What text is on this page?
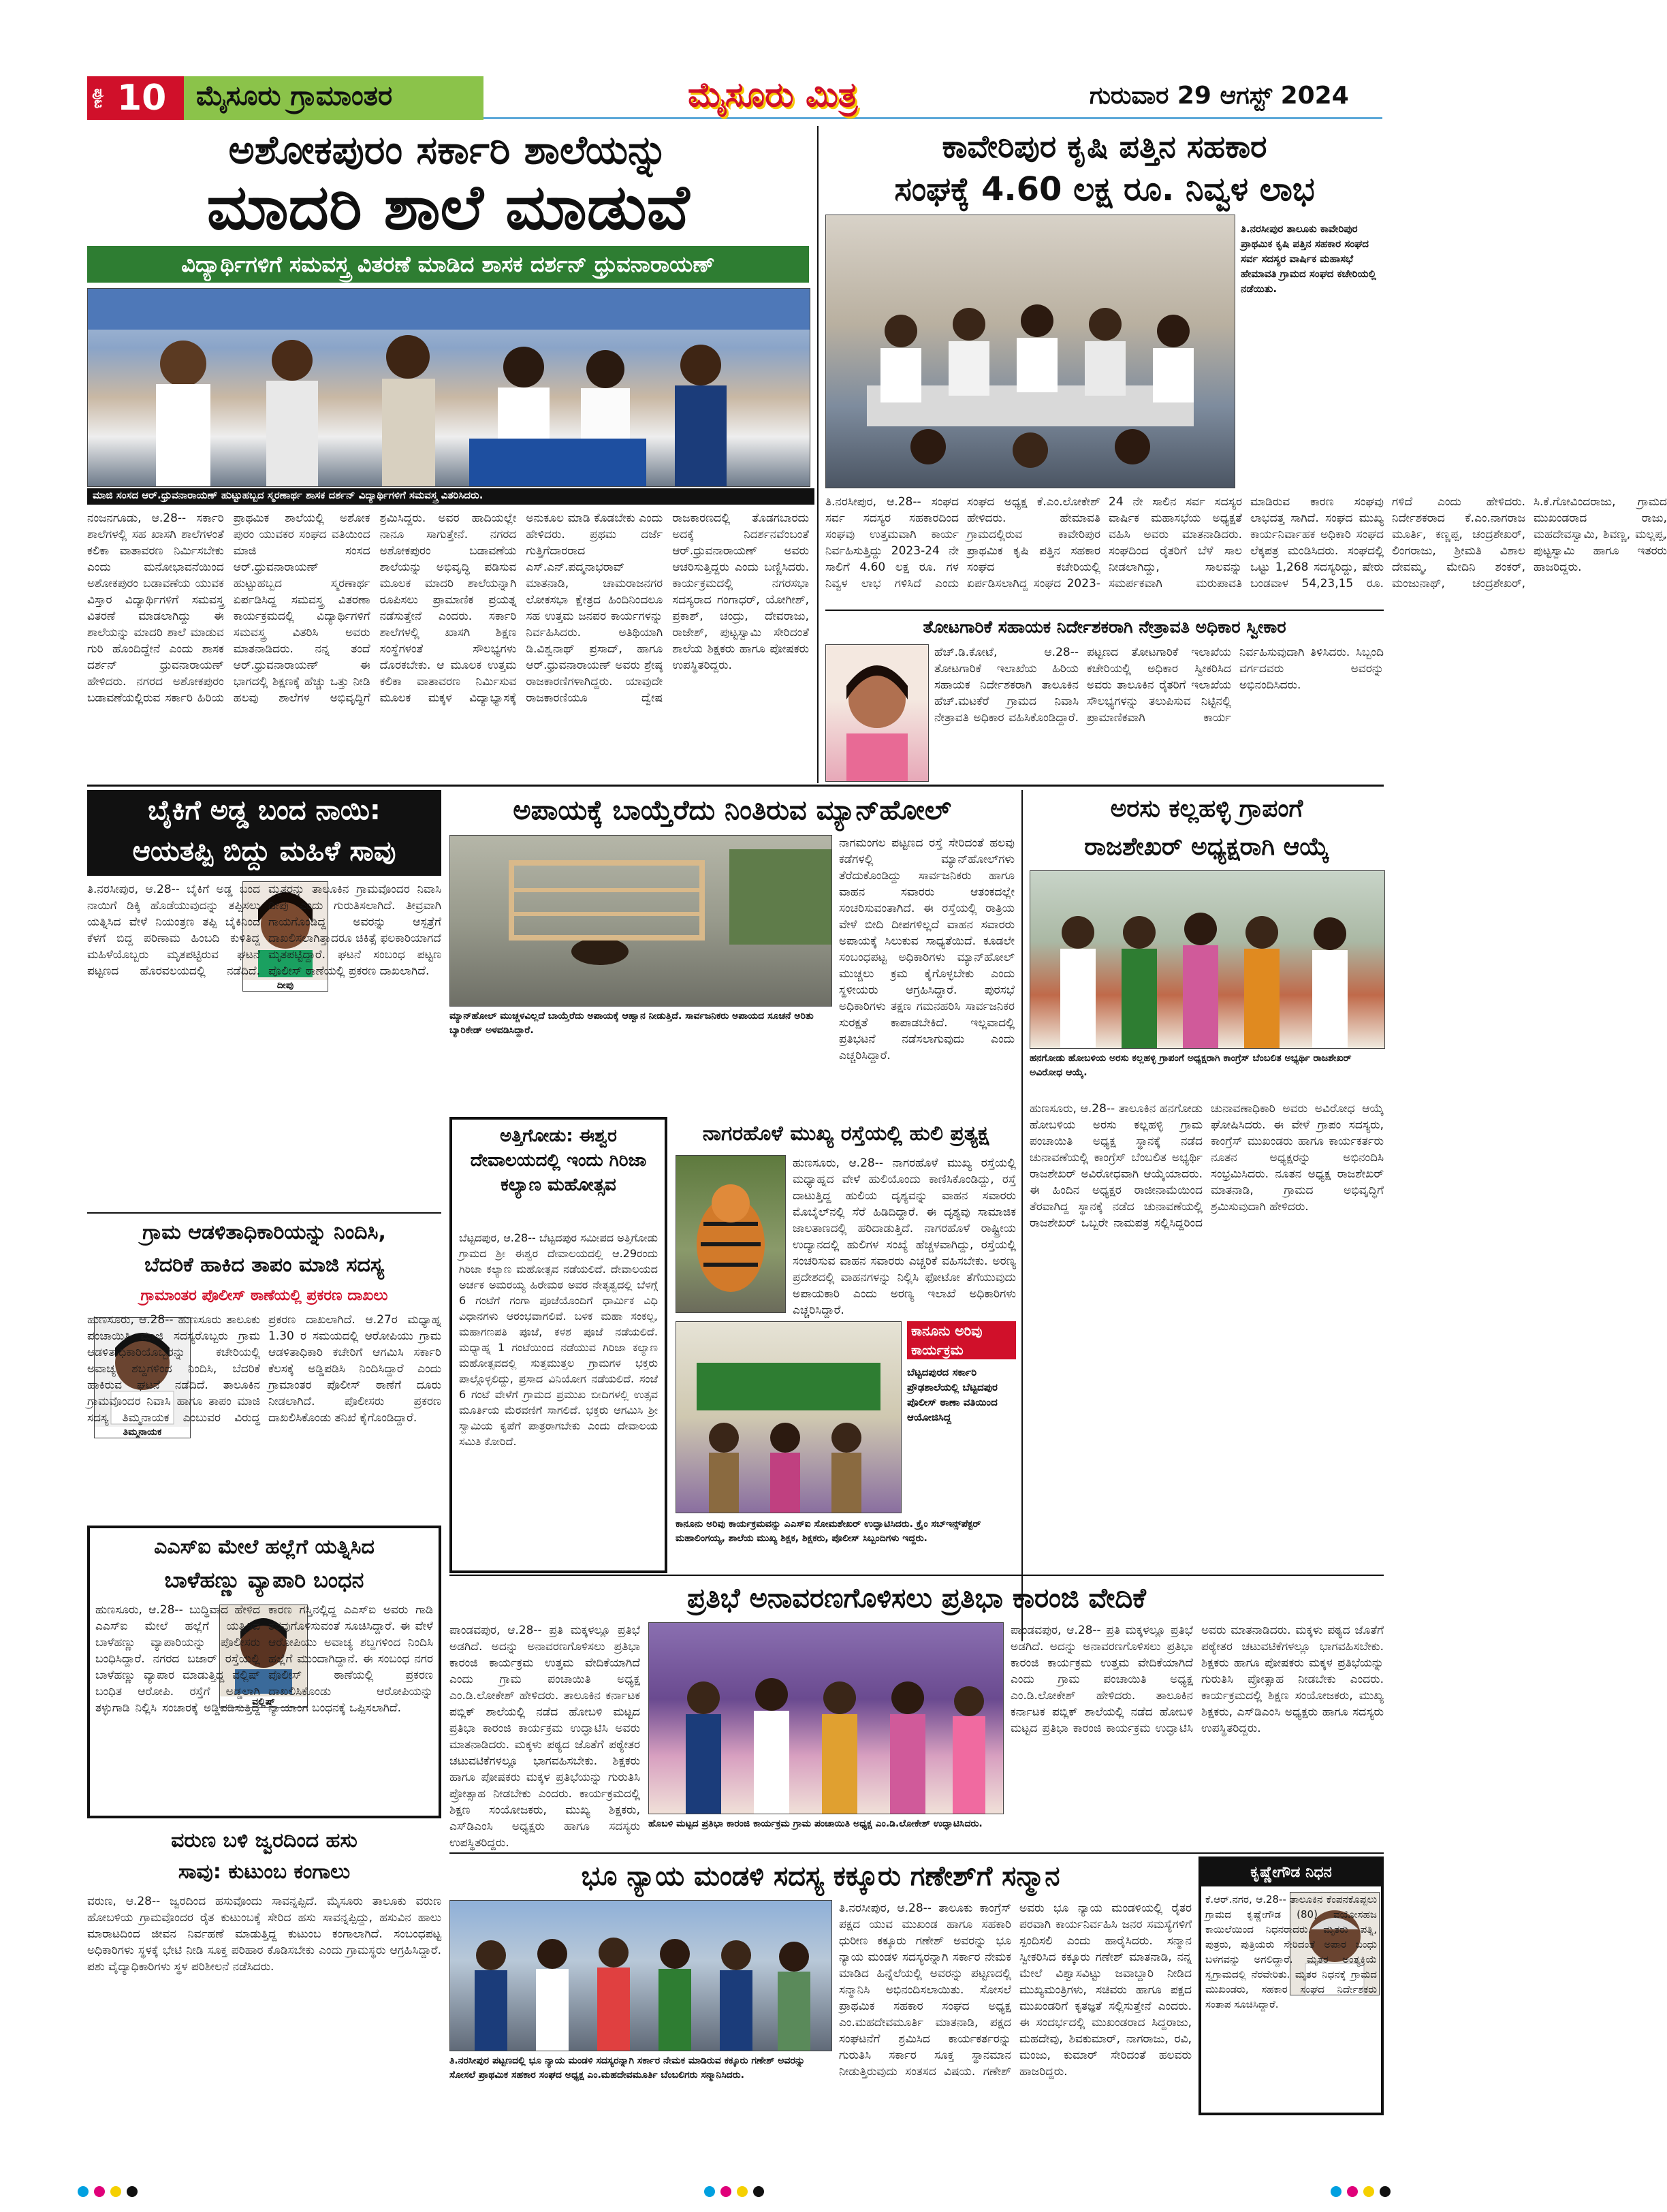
ಪುಟ 10 ಮೈಸೂರು ಗ್ರಾಮಾಂತರ	ಮೈಸೂರು ಮಿತ್ರ	ಗುರುವಾರ 29 ಆಗಸ್ಟ್ 2024
ಅಶೋಕಪುರಂ ಸರ್ಕಾರಿ ಶಾಲೆಯನ್ನು
ಮಾದರಿ ಶಾಲೆ ಮಾಡುವೆ
ವಿದ್ಯಾರ್ಥಿಗಳಿಗೆ ಸಮವಸ್ತ್ರ ವಿತರಣೆ ಮಾಡಿದ ಶಾಸಕ ದರ್ಶನ್ ಧ್ರುವನಾರಾಯಣ್
ಮಾಜಿ ಸಂಸದ ಆರ್.ಧ್ರುವನಾರಾಯಣ್ ಹುಟ್ಟುಹಬ್ಬದ ಸ್ಮರಣಾರ್ಥ ಶಾಸಕ ದರ್ಶನ್ ವಿದ್ಯಾರ್ಥಿಗಳಿಗೆ ಸಮವಸ್ತ್ರ ವಿತರಿಸಿದರು.
ನಂಜನಗೂಡು, ಆ.28-- ಸರ್ಕಾರಿ ಶಾಲೆಗಳಲ್ಲಿ ಸಹ ಖಾಸಗಿ ಶಾಲೆಗಳಂತೆ ಕಲಿಕಾ ವಾತಾವರಣ ನಿರ್ಮಿಸಬೇಕು ಎಂದು ಮನೋಭಾವನೆಯಿಂದ ಅಶೋಕಪುರಂ ಬಡಾವಣೆಯ ಯುವಕ ವಿಸ್ತಾರ ವಿದ್ಯಾರ್ಥಿಗಳಿಗೆ ಸಮವಸ್ತ್ರ ವಿತರಣೆ ಮಾಡಲಾಗಿದ್ದು ಈ ಶಾಲೆಯನ್ನು ಮಾದರಿ ಶಾಲೆ ಮಾಡುವ ಗುರಿ ಹೊಂದಿದ್ದೇನೆ ಎಂದು ಶಾಸಕ ದರ್ಶನ್ ಧ್ರುವನಾರಾಯಣ್ ಹೇಳಿದರು. ನಗರದ ಅಶೋಕಪುರಂ ಬಡಾವಣೆಯಲ್ಲಿರುವ ಸರ್ಕಾರಿ ಹಿರಿಯ ಪ್ರಾಥಮಿಕ ಶಾಲೆಯಲ್ಲಿ ಅಶೋಕ ಪುರಂ ಯುವಕರ ಸಂಘದ ವತಿಯಿಂದ ಮಾಜಿ ಸಂಸದ ಆರ್.ಧ್ರುವನಾರಾಯಣ್ ಹುಟ್ಟುಹಬ್ಬದ ಸ್ಮರಣಾರ್ಥ ಏರ್ಪಡಿಸಿದ್ದ ಸಮವಸ್ತ್ರ ವಿತರಣಾ ಕಾರ್ಯಕ್ರಮದಲ್ಲಿ ವಿದ್ಯಾರ್ಥಿಗಳಿಗೆ ಸಮವಸ್ತ್ರ ವಿತರಿಸಿ ಅವರು ಮಾತನಾಡಿದರು. ನನ್ನ ತಂದೆ ಆರ್.ಧ್ರುವನಾರಾಯಣ್ ಈ ಭಾಗದಲ್ಲಿ ಶಿಕ್ಷಣಕ್ಕೆ ಹೆಚ್ಚು ಒತ್ತು ನೀಡಿ ಹಲವು ಶಾಲೆಗಳ ಅಭಿವೃದ್ಧಿಗೆ ಶ್ರಮಿಸಿದ್ದರು. ಅವರ ಹಾದಿಯಲ್ಲೇ ನಾನೂ ಸಾಗುತ್ತೇನೆ. ನಗರದ ಅಶೋಕಪುರಂ ಬಡಾವಣೆಯ ಶಾಲೆಯನ್ನು ಅಭಿವೃದ್ಧಿ ಪಡಿಸುವ ಮೂಲಕ ಮಾದರಿ ಶಾಲೆಯನ್ನಾಗಿ ರೂಪಿಸಲು ಪ್ರಾಮಾಣಿಕ ಪ್ರಯತ್ನ ನಡೆಸುತ್ತೇನೆ ಎಂದರು. ಸರ್ಕಾರಿ ಶಾಲೆಗಳಲ್ಲಿ ಖಾಸಗಿ ಶಿಕ್ಷಣ ಸಂಸ್ಥೆಗಳಂತೆ ಸೌಲಭ್ಯಗಳು ದೊರಕಬೇಕು. ಆ ಮೂಲಕ ಉತ್ತಮ ಕಲಿಕಾ ವಾತಾವರಣ ನಿರ್ಮಿಸುವ ಮೂಲಕ ಮಕ್ಕಳ ವಿದ್ಯಾಭ್ಯಾಸಕ್ಕೆ ಅನುಕೂಲ ಮಾಡಿ ಕೊಡಬೇಕು ಎಂದು ಹೇಳಿದರು. ಪ್ರಥಮ ದರ್ಜೆ ಗುತ್ತಿಗೆದಾರರಾದ ಎಸ್.ಎನ್.ಪದ್ಮನಾಭರಾವ್ ಮಾತನಾಡಿ, ಚಾಮರಾಜನಗರ ಲೋಕಸಭಾ ಕ್ಷೇತ್ರದ ಹಿಂದಿನಿಂದಲೂ ಸಹ ಉತ್ತಮ ಜನಪರ ಕಾರ್ಯಗಳನ್ನು ನಿರ್ವಹಿಸಿದರು. ಅತಿಥಿಯಾಗಿ ಡಿ.ವಿಶ್ವನಾಥ್ ಪ್ರಸಾದ್, ಹಾಗೂ ಆರ್.ಧ್ರುವನಾರಾಯಣ್ ಅವರು ಶ್ರೇಷ್ಠ ರಾಜಕಾರಣಿಗಳಾಗಿದ್ದರು. ಯಾವುದೇ ರಾಜಕಾರಣಿಯೂ ದ್ವೇಷ ರಾಜಕಾರಣದಲ್ಲಿ ತೊಡಗಬಾರದು ಅದಕ್ಕೆ ನಿದರ್ಶನವೆಂಬಂತೆ ಆರ್.ಧ್ರುವನಾರಾಯಣ್ ಅವರು ಆಚರಿಸುತ್ತಿದ್ದರು ಎಂದು ಬಣ್ಣಿಸಿದರು. ಕಾರ್ಯಕ್ರಮದಲ್ಲಿ ನಗರಸಭಾ ಸದಸ್ಯರಾದ ಗಂಗಾಧರ್, ಯೋಗೀಶ್, ಪ್ರಕಾಶ್, ಚಂದ್ರು, ದೇವರಾಜು, ರಾಜೇಶ್, ಪುಟ್ಟಸ್ವಾಮಿ ಸೇರಿದಂತೆ ಶಾಲೆಯ ಶಿಕ್ಷಕರು ಹಾಗೂ ಪೋಷಕರು ಉಪಸ್ಥಿತರಿದ್ದರು.
ಕಾವೇರಿಪುರ ಕೃಷಿ ಪತ್ತಿನ ಸಹಕಾರ
ಸಂಘಕ್ಕೆ 4.60 ಲಕ್ಷ ರೂ. ನಿವ್ವಳ ಲಾಭ
ತಿ.ನರಸೀಪುರ ತಾಲೂಕು ಕಾವೇರಿಪುರ ಪ್ರಾಥಮಿಕ ಕೃಷಿ ಪತ್ತಿನ ಸಹಕಾರ ಸಂಘದ ಸರ್ವ ಸದಸ್ಯರ ವಾರ್ಷಿಕ ಮಹಾಸಭೆ ಹೇಮಾವತಿ ಗ್ರಾಮದ ಸಂಘದ ಕಚೇರಿಯಲ್ಲಿ ನಡೆಯಿತು.
ತಿ.ನರಸೀಪುರ, ಆ.28-- ಸಂಘದ ಸರ್ವ ಸದಸ್ಯರ ಸಹಕಾರದಿಂದ ಸಂಘವು ಉತ್ತಮವಾಗಿ ಕಾರ್ಯ ನಿರ್ವಹಿಸುತ್ತಿದ್ದು 2023-24 ನೇ ಸಾಲಿಗೆ 4.60 ಲಕ್ಷ ರೂ. ಗಳ ನಿವ್ವಳ ಲಾಭ ಗಳಿಸಿದೆ ಎಂದು ಸಂಘದ ಅಧ್ಯಕ್ಷ ಕೆ.ಎಂ.ಲೋಕೇಶ್ ಹೇಳಿದರು. ಹೇಮಾವತಿ ಗ್ರಾಮದಲ್ಲಿರುವ ಕಾವೇರಿಪುರ ಪ್ರಾಥಮಿಕ ಕೃಷಿ ಪತ್ತಿನ ಸಹಕಾರ ಸಂಘದ ಕಚೇರಿಯಲ್ಲಿ ಏರ್ಪಡಿಸಲಾಗಿದ್ದ ಸಂಘದ 2023-24 ನೇ ಸಾಲಿನ ಸರ್ವ ಸದಸ್ಯರ ವಾರ್ಷಿಕ ಮಹಾಸಭೆಯ ಅಧ್ಯಕ್ಷತೆ ವಹಿಸಿ ಅವರು ಮಾತನಾಡಿದರು. ಸಂಘದಿಂದ ರೈತರಿಗೆ ಬೆಳೆ ಸಾಲ ನೀಡಲಾಗಿದ್ದು, ಸಾಲವನ್ನು ಸಮರ್ಪಕವಾಗಿ ಮರುಪಾವತಿ ಮಾಡಿರುವ ಕಾರಣ ಸಂಘವು ಲಾಭದತ್ತ ಸಾಗಿದೆ. ಸಂಘದ ಮುಖ್ಯ ಕಾರ್ಯನಿರ್ವಾಹಕ ಅಧಿಕಾರಿ ಸಂಘದ ಲೆಕ್ಕಪತ್ರ ಮಂಡಿಸಿದರು. ಸಂಘದಲ್ಲಿ ಒಟ್ಟು 1,268 ಸದಸ್ಯರಿದ್ದು, ಷೇರು ಬಂಡವಾಳ 54,23,15 ರೂ. ಗಳಿದೆ ಎಂದು ಹೇಳಿದರು. ನಿರ್ದೇಶಕರಾದ ಕೆ.ಎಂ.ನಾಗರಾಜ ಮೂರ್ತಿ, ಕಣ್ಣಪ್ಪ, ಚಂದ್ರಶೇಖರ್, ಲಿಂಗರಾಜು, ಶ್ರೀಮತಿ ವಿಶಾಲ ದೇವಮ್ಮ, ಮೇದಿನಿ ಶಂಕರ್, ಮಂಜುನಾಥ್, ಚಂದ್ರಶೇಖರ್, ಸಿ.ಕೆ.ಗೋವಿಂದರಾಜು, ಗ್ರಾಮದ ಮುಖಂಡರಾದ ರಾಜು, ಮಹದೇವಸ್ವಾಮಿ, ಶಿವಣ್ಣ, ಮಲ್ಲಪ್ಪ, ಪುಟ್ಟಸ್ವಾಮಿ ಹಾಗೂ ಇತರರು ಹಾಜರಿದ್ದರು.
ತೋಟಗಾರಿಕೆ ಸಹಾಯಕ ನಿರ್ದೇಶಕರಾಗಿ ನೇತ್ರಾವತಿ ಅಧಿಕಾರ ಸ್ವೀಕಾರ
ಹೆಚ್.ಡಿ.ಕೋಟೆ, ಆ.28-- ತೋಟಗಾರಿಕೆ ಇಲಾಖೆಯ ಹಿರಿಯ ಸಹಾಯಕ ನಿರ್ದೇಶಕರಾಗಿ ತಾಲೂಕಿನ ಹೆಚ್.ಮಟಕೆರೆ ಗ್ರಾಮದ ನಿವಾಸಿ ನೇತ್ರಾವತಿ ಅಧಿಕಾರ ವಹಿಸಿಕೊಂಡಿದ್ದಾರೆ. ಪಟ್ಟಣದ ತೋಟಗಾರಿಕೆ ಇಲಾಖೆಯ ಕಚೇರಿಯಲ್ಲಿ ಅಧಿಕಾರ ಸ್ವೀಕರಿಸಿದ ಅವರು ತಾಲೂಕಿನ ರೈತರಿಗೆ ಇಲಾಖೆಯ ಸೌಲಭ್ಯಗಳನ್ನು ತಲುಪಿಸುವ ನಿಟ್ಟಿನಲ್ಲಿ ಪ್ರಾಮಾಣಿಕವಾಗಿ ಕಾರ್ಯ ನಿರ್ವಹಿಸುವುದಾಗಿ ತಿಳಿಸಿದರು. ಸಿಬ್ಬಂದಿ ವರ್ಗದವರು ಅವರನ್ನು ಅಭಿನಂದಿಸಿದರು.
ಬೈಕಿಗೆ ಅಡ್ಡ ಬಂದ ನಾಯಿ:
ಆಯತಪ್ಪಿ ಬಿದ್ದು ಮಹಿಳೆ ಸಾವು
ದೀಪು
ತಿ.ನರಸೀಪುರ, ಆ.28-- ಬೈಕಿಗೆ ಅಡ್ಡ ಬಂದ ನಾಯಿಗೆ ಡಿಕ್ಕಿ ಹೊಡೆಯುವುದನ್ನು ತಪ್ಪಿಸಲು ಯತ್ನಿಸಿದ ವೇಳೆ ನಿಯಂತ್ರಣ ತಪ್ಪಿ ಬೈಕಿನಿಂದ ಕೆಳಗೆ ಬಿದ್ದ ಪರಿಣಾಮ ಹಿಂಬದಿ ಕುಳಿತಿದ್ದ ಮಹಿಳೆಯೊಬ್ಬರು ಮೃತಪಟ್ಟಿರುವ ಘಟನೆ ಪಟ್ಟಣದ ಹೊರವಲಯದಲ್ಲಿ ನಡೆದಿದೆ. ಮೃತರನ್ನು ತಾಲೂಕಿನ ಗ್ರಾಮವೊಂದರ ನಿವಾಸಿ ದೀಪು ಎಂದು ಗುರುತಿಸಲಾಗಿದೆ. ತೀವ್ರವಾಗಿ ಗಾಯಗೊಂಡಿದ್ದ ಅವರನ್ನು ಆಸ್ಪತ್ರೆಗೆ ದಾಖಲಿಸಲಾಗಿತ್ತಾದರೂ ಚಿಕಿತ್ಸೆ ಫಲಕಾರಿಯಾಗದೆ ಮೃತಪಟ್ಟಿದ್ದಾರೆ. ಘಟನೆ ಸಂಬಂಧ ಪಟ್ಟಣ ಪೊಲೀಸ್ ಠಾಣೆಯಲ್ಲಿ ಪ್ರಕರಣ ದಾಖಲಾಗಿದೆ.
ಅಪಾಯಕ್ಕೆ ಬಾಯ್ತೆರೆದು ನಿಂತಿರುವ ಮ್ಯಾನ್‌ಹೋಲ್
ಮ್ಯಾನ್‌ಹೋಲ್ ಮುಚ್ಚಳವಿಲ್ಲದೆ ಬಾಯ್ತೆರೆದು ಅಪಾಯಕ್ಕೆ ಆಹ್ವಾನ ನೀಡುತ್ತಿದೆ. ಸಾರ್ವಜನಿಕರು ಅಪಾಯದ ಸೂಚನೆ ಅರಿತು ಬ್ಯಾರಿಕೇಡ್ ಅಳವಡಿಸಿದ್ದಾರೆ.
ನಾಗಮಂಗಲ ಪಟ್ಟಣದ ರಸ್ತೆ ಸೇರಿದಂತೆ ಹಲವು ಕಡೆಗಳಲ್ಲಿ ಮ್ಯಾನ್‌ಹೋಲ್‌ಗಳು ತೆರೆದುಕೊಂಡಿದ್ದು ಸಾರ್ವಜನಿಕರು ಹಾಗೂ ವಾಹನ ಸವಾರರು ಆತಂಕದಲ್ಲೇ ಸಂಚರಿಸುವಂತಾಗಿದೆ. ಈ ರಸ್ತೆಯಲ್ಲಿ ರಾತ್ರಿಯ ವೇಳೆ ಬೀದಿ ದೀಪಗಳಿಲ್ಲದೆ ವಾಹನ ಸವಾರರು ಅಪಾಯಕ್ಕೆ ಸಿಲುಕುವ ಸಾಧ್ಯತೆಯಿದೆ. ಕೂಡಲೇ ಸಂಬಂಧಪಟ್ಟ ಅಧಿಕಾರಿಗಳು ಮ್ಯಾನ್‌ಹೋಲ್ ಮುಚ್ಚಲು ಕ್ರಮ ಕೈಗೊಳ್ಳಬೇಕು ಎಂದು ಸ್ಥಳೀಯರು ಆಗ್ರಹಿಸಿದ್ದಾರೆ. ಪುರಸಭೆ ಅಧಿಕಾರಿಗಳು ತಕ್ಷಣ ಗಮನಹರಿಸಿ ಸಾರ್ವಜನಿಕರ ಸುರಕ್ಷತೆ ಕಾಪಾಡಬೇಕಿದೆ. ಇಲ್ಲವಾದಲ್ಲಿ ಪ್ರತಿಭಟನೆ ನಡೆಸಲಾಗುವುದು ಎಂದು ಎಚ್ಚರಿಸಿದ್ದಾರೆ.
ಅರಸು ಕಲ್ಲಹಳ್ಳಿ ಗ್ರಾಪಂಗೆ
ರಾಜಶೇಖರ್ ಅಧ್ಯಕ್ಷರಾಗಿ ಆಯ್ಕೆ
ಹನಗೋಡು ಹೋಬಳಿಯ ಅರಸು ಕಲ್ಲಹಳ್ಳಿ ಗ್ರಾಪಂಗೆ ಅಧ್ಯಕ್ಷರಾಗಿ ಕಾಂಗ್ರೆಸ್ ಬೆಂಬಲಿತ ಅಭ್ಯರ್ಥಿ ರಾಜಶೇಖರ್ ಅವಿರೋಧ ಆಯ್ಕೆ.
ಹುಣಸೂರು, ಆ.28-- ತಾಲೂಕಿನ ಹನಗೋಡು ಹೋಬಳಿಯ ಅರಸು ಕಲ್ಲಹಳ್ಳಿ ಗ್ರಾಮ ಪಂಚಾಯಿತಿ ಅಧ್ಯಕ್ಷ ಸ್ಥಾನಕ್ಕೆ ನಡೆದ ಚುನಾವಣೆಯಲ್ಲಿ ಕಾಂಗ್ರೆಸ್ ಬೆಂಬಲಿತ ಅಭ್ಯರ್ಥಿ ರಾಜಶೇಖರ್ ಅವಿರೋಧವಾಗಿ ಆಯ್ಕೆಯಾದರು. ಈ ಹಿಂದಿನ ಅಧ್ಯಕ್ಷರ ರಾಜೀನಾಮೆಯಿಂದ ತೆರವಾಗಿದ್ದ ಸ್ಥಾನಕ್ಕೆ ನಡೆದ ಚುನಾವಣೆಯಲ್ಲಿ ರಾಜಶೇಖರ್ ಒಬ್ಬರೇ ನಾಮಪತ್ರ ಸಲ್ಲಿಸಿದ್ದರಿಂದ ಚುನಾವಣಾಧಿಕಾರಿ ಅವರು ಅವಿರೋಧ ಆಯ್ಕೆ ಘೋಷಿಸಿದರು. ಈ ವೇಳೆ ಗ್ರಾಪಂ ಸದಸ್ಯರು, ಕಾಂಗ್ರೆಸ್ ಮುಖಂಡರು ಹಾಗೂ ಕಾರ್ಯಕರ್ತರು ನೂತನ ಅಧ್ಯಕ್ಷರನ್ನು ಅಭಿನಂದಿಸಿ ಸಂಭ್ರಮಿಸಿದರು. ನೂತನ ಅಧ್ಯಕ್ಷ ರಾಜಶೇಖರ್ ಮಾತನಾಡಿ, ಗ್ರಾಮದ ಅಭಿವೃದ್ಧಿಗೆ ಶ್ರಮಿಸುವುದಾಗಿ ಹೇಳಿದರು.
ಅತ್ತಿಗೋಡು: ಈಶ್ವರ ದೇವಾಲಯದಲ್ಲಿ ಇಂದು ಗಿರಿಜಾ ಕಲ್ಯಾಣ ಮಹೋತ್ಸವ
ಬೆಟ್ಟದಪುರ, ಆ.28-- ಬೆಟ್ಟದಪುರ ಸಮೀಪದ ಅತ್ತಿಗೋಡು ಗ್ರಾಮದ ಶ್ರೀ ಈಶ್ವರ ದೇವಾಲಯದಲ್ಲಿ ಆ.29ರಂದು ಗಿರಿಜಾ ಕಲ್ಯಾಣ ಮಹೋತ್ಸವ ನಡೆಯಲಿದೆ. ದೇವಾಲಯದ ಅರ್ಚಕ ಅಮರಯ್ಯ ಹಿರೇಮಠ ಅವರ ನೇತೃತ್ವದಲ್ಲಿ ಬೆಳಗ್ಗೆ 6 ಗಂಟೆಗೆ ಗಂಗಾ ಪೂಜೆಯೊಂದಿಗೆ ಧಾರ್ಮಿಕ ವಿಧಿ ವಿಧಾನಗಳು ಆರಂಭವಾಗಲಿವೆ. ಬಳಿಕ ಮಹಾ ಸಂಕಲ್ಪ, ಮಹಾಗಣಪತಿ ಪೂಜೆ, ಕಳಶ ಪೂಜೆ ನಡೆಯಲಿದೆ. ಮಧ್ಯಾಹ್ನ 1 ಗಂಟೆಯಿಂದ ನಡೆಯುವ ಗಿರಿಜಾ ಕಲ್ಯಾಣ ಮಹೋತ್ಸವದಲ್ಲಿ ಸುತ್ತಮುತ್ತಲ ಗ್ರಾಮಗಳ ಭಕ್ತರು ಪಾಲ್ಗೊಳ್ಳಲಿದ್ದು, ಪ್ರಸಾದ ವಿನಿಯೋಗ ನಡೆಯಲಿದೆ. ಸಂಜೆ 6 ಗಂಟೆ ವೇಳೆಗೆ ಗ್ರಾಮದ ಪ್ರಮುಖ ಬೀದಿಗಳಲ್ಲಿ ಉತ್ಸವ ಮೂರ್ತಿಯ ಮೆರವಣಿಗೆ ಸಾಗಲಿದೆ. ಭಕ್ತರು ಆಗಮಿಸಿ ಶ್ರೀ ಸ್ವಾಮಿಯ ಕೃಪೆಗೆ ಪಾತ್ರರಾಗಬೇಕು ಎಂದು ದೇವಾಲಯ ಸಮಿತಿ ಕೋರಿದೆ.
ನಾಗರಹೊಳೆ ಮುಖ್ಯ ರಸ್ತೆಯಲ್ಲಿ ಹುಲಿ ಪ್ರತ್ಯಕ್ಷ
ಹುಣಸೂರು, ಆ.28-- ನಾಗರಹೊಳೆ ಮುಖ್ಯ ರಸ್ತೆಯಲ್ಲಿ ಮಧ್ಯಾಹ್ನದ ವೇಳೆ ಹುಲಿಯೊಂದು ಕಾಣಿಸಿಕೊಂಡಿದ್ದು, ರಸ್ತೆ ದಾಟುತ್ತಿದ್ದ ಹುಲಿಯ ದೃಶ್ಯವನ್ನು ವಾಹನ ಸವಾರರು ಮೊಬೈಲ್‌ನಲ್ಲಿ ಸೆರೆ ಹಿಡಿದಿದ್ದಾರೆ. ಈ ದೃಶ್ಯವು ಸಾಮಾಜಿಕ ಜಾಲತಾಣದಲ್ಲಿ ಹರಿದಾಡುತ್ತಿದೆ. ನಾಗರಹೊಳೆ ರಾಷ್ಟ್ರೀಯ ಉದ್ಯಾನದಲ್ಲಿ ಹುಲಿಗಳ ಸಂಖ್ಯೆ ಹೆಚ್ಚಳವಾಗಿದ್ದು, ರಸ್ತೆಯಲ್ಲಿ ಸಂಚರಿಸುವ ವಾಹನ ಸವಾರರು ಎಚ್ಚರಿಕೆ ವಹಿಸಬೇಕು. ಅರಣ್ಯ ಪ್ರದೇಶದಲ್ಲಿ ವಾಹನಗಳನ್ನು ನಿಲ್ಲಿಸಿ ಫೋಟೋ ತೆಗೆಯುವುದು ಅಪಾಯಕಾರಿ ಎಂದು ಅರಣ್ಯ ಇಲಾಖೆ ಅಧಿಕಾರಿಗಳು ಎಚ್ಚರಿಸಿದ್ದಾರೆ.
ಕಾನೂನು ಅರಿವು
ಕಾರ್ಯಕ್ರಮ
ಬೆಟ್ಟದಪುರದ ಸರ್ಕಾರಿ ಪ್ರೌಢಶಾಲೆಯಲ್ಲಿ ಬೆಟ್ಟದಪುರ ಪೊಲೀಸ್ ಠಾಣಾ ವತಿಯಿಂದ ಆಯೋಜಿಸಿದ್ದ
ಕಾನೂನು ಅರಿವು ಕಾರ್ಯಕ್ರಮವನ್ನು ಎಎಸ್‌ಐ ಸೋಮಶೇಖರ್ ಉದ್ಘಾಟಿಸಿದರು. ಕ್ರೈಂ ಸಬ್‌ಇನ್ಸ್‌ಪೆಕ್ಟರ್ ಮಹಾಲಿಂಗಯ್ಯ, ಶಾಲೆಯ ಮುಖ್ಯ ಶಿಕ್ಷಕ, ಶಿಕ್ಷಕರು, ಪೊಲೀಸ್ ಸಿಬ್ಬಂದಿಗಳು ಇದ್ದರು.
ಗ್ರಾಮ ಆಡಳಿತಾಧಿಕಾರಿಯನ್ನು ನಿಂದಿಸಿ,
ಬೆದರಿಕೆ ಹಾಕಿದ ತಾಪಂ ಮಾಜಿ ಸದಸ್ಯ
ಗ್ರಾಮಾಂತರ ಪೊಲೀಸ್ ಠಾಣೆಯಲ್ಲಿ ಪ್ರಕರಣ ದಾಖಲು
ತಿಮ್ಮನಾಯಕ
ಹುಣಸೂರು, ಆ.28-- ಹುಣಸೂರು ತಾಲೂಕು ಪಂಚಾಯಿತಿ ಮಾಜಿ ಸದಸ್ಯರೊಬ್ಬರು ಗ್ರಾಮ ಆಡಳಿತಾಧಿಕಾರಿಯೊಬ್ಬರನ್ನು ಕಚೇರಿಯಲ್ಲಿ ಅವಾಚ್ಯ ಶಬ್ದಗಳಿಂದ ನಿಂದಿಸಿ, ಬೆದರಿಕೆ ಹಾಕಿರುವ ಘಟನೆ ನಡೆದಿದೆ. ತಾಲೂಕಿನ ಗ್ರಾಮವೊಂದರ ನಿವಾಸಿ ಹಾಗೂ ತಾಪಂ ಮಾಜಿ ಸದಸ್ಯ ತಿಮ್ಮನಾಯಕ ಎಂಬುವರ ವಿರುದ್ಧ ಪ್ರಕರಣ ದಾಖಲಾಗಿದೆ. ಆ.27ರ ಮಧ್ಯಾಹ್ನ 1.30 ರ ಸಮಯದಲ್ಲಿ ಆರೋಪಿಯು ಗ್ರಾಮ ಆಡಳಿತಾಧಿಕಾರಿ ಕಚೇರಿಗೆ ಆಗಮಿಸಿ ಸರ್ಕಾರಿ ಕೆಲಸಕ್ಕೆ ಅಡ್ಡಿಪಡಿಸಿ ನಿಂದಿಸಿದ್ದಾರೆ ಎಂದು ಗ್ರಾಮಾಂತರ ಪೊಲೀಸ್ ಠಾಣೆಗೆ ದೂರು ನೀಡಲಾಗಿದೆ. ಪೊಲೀಸರು ಪ್ರಕರಣ ದಾಖಲಿಸಿಕೊಂಡು ತನಿಖೆ ಕೈಗೊಂಡಿದ್ದಾರೆ.
ಎಎಸ್‌ಐ ಮೇಲೆ ಹಲ್ಲೆಗೆ ಯತ್ನಿಸಿದ
ಬಾಳೆಹಣ್ಣು ವ್ಯಾಪಾರಿ ಬಂಧನ
ವಲ್ಲಿಷ್
ಹುಣಸೂರು, ಆ.28-- ಬುದ್ಧಿವಾದ ಹೇಳಿದ ಎಎಸ್‌ಐ ಮೇಲೆ ಹಲ್ಲೆಗೆ ಯತ್ನಿಸಿದ ಬಾಳೆಹಣ್ಣು ವ್ಯಾಪಾರಿಯನ್ನು ಪೊಲೀಸರು ಬಂಧಿಸಿದ್ದಾರೆ. ನಗರದ ಬಜಾರ್ ರಸ್ತೆಯಲ್ಲಿ ಬಾಳೆಹಣ್ಣು ವ್ಯಾಪಾರ ಮಾಡುತ್ತಿದ್ದ ವಲ್ಲಿಷ್ ಬಂಧಿತ ಆರೋಪಿ. ರಸ್ತೆಗೆ ಅಡ್ಡಲಾಗಿ ತಳ್ಳುಗಾಡಿ ನಿಲ್ಲಿಸಿ ಸಂಚಾರಕ್ಕೆ ಅಡ್ಡಿಪಡಿಸುತ್ತಿದ್ದ ಕಾರಣ ಗಸ್ತಿನಲ್ಲಿದ್ದ ಎಎಸ್‌ಐ ಅವರು ಗಾಡಿ ತೆರವುಗೊಳಿಸುವಂತೆ ಸೂಚಿಸಿದ್ದಾರೆ. ಈ ವೇಳೆ ಆರೋಪಿಯು ಅವಾಚ್ಯ ಶಬ್ದಗಳಿಂದ ನಿಂದಿಸಿ ಹಲ್ಲೆಗೆ ಮುಂದಾಗಿದ್ದಾನೆ. ಈ ಸಂಬಂಧ ನಗರ ಪೊಲೀಸ್ ಠಾಣೆಯಲ್ಲಿ ಪ್ರಕರಣ ದಾಖಲಿಸಿಕೊಂಡು ಆರೋಪಿಯನ್ನು ನ್ಯಾಯಾಂಗ ಬಂಧನಕ್ಕೆ ಒಪ್ಪಿಸಲಾಗಿದೆ.
ವರುಣ ಬಳಿ ಜ್ವರದಿಂದ ಹಸು
ಸಾವು: ಕುಟುಂಬ ಕಂಗಾಲು
ವರುಣ, ಆ.28-- ಜ್ವರದಿಂದ ಹಸುವೊಂದು ಸಾವನ್ನಪ್ಪಿದೆ. ಮೈಸೂರು ತಾಲೂಕು ವರುಣ ಹೋಬಳಿಯ ಗ್ರಾಮವೊಂದರ ರೈತ ಕುಟುಂಬಕ್ಕೆ ಸೇರಿದ ಹಸು ಸಾವನ್ನಪ್ಪಿದ್ದು, ಹಸುವಿನ ಹಾಲು ಮಾರಾಟದಿಂದ ಜೀವನ ನಿರ್ವಹಣೆ ಮಾಡುತ್ತಿದ್ದ ಕುಟುಂಬ ಕಂಗಾಲಾಗಿದೆ. ಸಂಬಂಧಪಟ್ಟ ಅಧಿಕಾರಿಗಳು ಸ್ಥಳಕ್ಕೆ ಭೇಟಿ ನೀಡಿ ಸೂಕ್ತ ಪರಿಹಾರ ಕೊಡಿಸಬೇಕು ಎಂದು ಗ್ರಾಮಸ್ಥರು ಆಗ್ರಹಿಸಿದ್ದಾರೆ. ಪಶು ವೈದ್ಯಾಧಿಕಾರಿಗಳು ಸ್ಥಳ ಪರಿಶೀಲನೆ ನಡೆಸಿದರು.
ಪ್ರತಿಭೆ ಅನಾವರಣಗೊಳಿಸಲು ಪ್ರತಿಭಾ ಕಾರಂಜಿ ವೇದಿಕೆ
ಪಾಂಡವಪುರ, ಆ.28-- ಪ್ರತಿ ಮಕ್ಕಳಲ್ಲೂ ಪ್ರತಿಭೆ ಅಡಗಿದೆ. ಅದನ್ನು ಅನಾವರಣಗೊಳಿಸಲು ಪ್ರತಿಭಾ ಕಾರಂಜಿ ಕಾರ್ಯಕ್ರಮ ಉತ್ತಮ ವೇದಿಕೆಯಾಗಿದೆ ಎಂದು ಗ್ರಾಮ ಪಂಚಾಯಿತಿ ಅಧ್ಯಕ್ಷ ಎಂ.ಡಿ.ಲೋಕೇಶ್ ಹೇಳಿದರು. ತಾಲೂಕಿನ ಕರ್ನಾಟಕ ಪಬ್ಲಿಕ್ ಶಾಲೆಯಲ್ಲಿ ನಡೆದ ಹೋಬಳಿ ಮಟ್ಟದ ಪ್ರತಿಭಾ ಕಾರಂಜಿ ಕಾರ್ಯಕ್ರಮ ಉದ್ಘಾಟಿಸಿ ಅವರು ಮಾತನಾಡಿದರು. ಮಕ್ಕಳು ಪಠ್ಯದ ಜೊತೆಗೆ ಪಠ್ಯೇತರ ಚಟುವಟಿಕೆಗಳಲ್ಲೂ ಭಾಗವಹಿಸಬೇಕು. ಶಿಕ್ಷಕರು ಹಾಗೂ ಪೋಷಕರು ಮಕ್ಕಳ ಪ್ರತಿಭೆಯನ್ನು ಗುರುತಿಸಿ ಪ್ರೋತ್ಸಾಹ ನೀಡಬೇಕು ಎಂದರು. ಕಾರ್ಯಕ್ರಮದಲ್ಲಿ ಶಿಕ್ಷಣ ಸಂಯೋಜಕರು, ಮುಖ್ಯ ಶಿಕ್ಷಕರು, ಎಸ್‌ಡಿಎಂಸಿ ಅಧ್ಯಕ್ಷರು ಹಾಗೂ ಸದಸ್ಯರು ಉಪಸ್ಥಿತರಿದ್ದರು.
ಹೊಬಳಿ ಮಟ್ಟದ ಪ್ರತಿಭಾ ಕಾರಂಜಿ ಕಾರ್ಯಕ್ರಮ ಗ್ರಾಮ ಪಂಚಾಯಿತಿ ಅಧ್ಯಕ್ಷ ಎಂ.ಡಿ.ಲೋಕೇಶ್ ಉದ್ಘಾಟಿಸಿದರು.
ಪಾಂಡವಪುರ, ಆ.28-- ಪ್ರತಿ ಮಕ್ಕಳಲ್ಲೂ ಪ್ರತಿಭೆ ಅಡಗಿದೆ. ಅದನ್ನು ಅನಾವರಣಗೊಳಿಸಲು ಪ್ರತಿಭಾ ಕಾರಂಜಿ ಕಾರ್ಯಕ್ರಮ ಉತ್ತಮ ವೇದಿಕೆಯಾಗಿದೆ ಎಂದು ಗ್ರಾಮ ಪಂಚಾಯಿತಿ ಅಧ್ಯಕ್ಷ ಎಂ.ಡಿ.ಲೋಕೇಶ್ ಹೇಳಿದರು. ತಾಲೂಕಿನ ಕರ್ನಾಟಕ ಪಬ್ಲಿಕ್ ಶಾಲೆಯಲ್ಲಿ ನಡೆದ ಹೋಬಳಿ ಮಟ್ಟದ ಪ್ರತಿಭಾ ಕಾರಂಜಿ ಕಾರ್ಯಕ್ರಮ ಉದ್ಘಾಟಿಸಿ ಅವರು ಮಾತನಾಡಿದರು. ಮಕ್ಕಳು ಪಠ್ಯದ ಜೊತೆಗೆ ಪಠ್ಯೇತರ ಚಟುವಟಿಕೆಗಳಲ್ಲೂ ಭಾಗವಹಿಸಬೇಕು. ಶಿಕ್ಷಕರು ಹಾಗೂ ಪೋಷಕರು ಮಕ್ಕಳ ಪ್ರತಿಭೆಯನ್ನು ಗುರುತಿಸಿ ಪ್ರೋತ್ಸಾಹ ನೀಡಬೇಕು ಎಂದರು. ಕಾರ್ಯಕ್ರಮದಲ್ಲಿ ಶಿಕ್ಷಣ ಸಂಯೋಜಕರು, ಮುಖ್ಯ ಶಿಕ್ಷಕರು, ಎಸ್‌ಡಿಎಂಸಿ ಅಧ್ಯಕ್ಷರು ಹಾಗೂ ಸದಸ್ಯರು ಉಪಸ್ಥಿತರಿದ್ದರು.
ಭೂ ನ್ಯಾಯ ಮಂಡಳಿ ಸದಸ್ಯ ಕಕ್ಕೂರು ಗಣೇಶ್‌ಗೆ ಸನ್ಮಾನ
ತಿ.ನರಸೀಪುರ ಪಟ್ಟಣದಲ್ಲಿ ಭೂ ನ್ಯಾಯ ಮಂಡಳಿ ಸದಸ್ಯರನ್ನಾಗಿ ಸರ್ಕಾರ ನೇಮಕ ಮಾಡಿರುವ ಕಕ್ಕೂರು ಗಣೇಶ್ ಅವರನ್ನು ಸೋಸಲೆ ಪ್ರಾಥಮಿಕ ಸಹಕಾರ ಸಂಘದ ಅಧ್ಯಕ್ಷ ಎಂ.ಮಹದೇವಮೂರ್ತಿ ಬೆಂಬಲಿಗರು ಸನ್ಮಾನಿಸಿದರು.
ತಿ.ನರಸೀಪುರ, ಆ.28-- ತಾಲೂಕು ಕಾಂಗ್ರೆಸ್ ಪಕ್ಷದ ಯುವ ಮುಖಂಡ ಹಾಗೂ ಸಹಕಾರಿ ಧುರೀಣ ಕಕ್ಕೂರು ಗಣೇಶ್ ಅವರನ್ನು ಭೂ ನ್ಯಾಯ ಮಂಡಳಿ ಸದಸ್ಯರನ್ನಾಗಿ ಸರ್ಕಾರ ನೇಮಕ ಮಾಡಿದ ಹಿನ್ನೆಲೆಯಲ್ಲಿ ಅವರನ್ನು ಪಟ್ಟಣದಲ್ಲಿ ಸನ್ಮಾನಿಸಿ ಅಭಿನಂದಿಸಲಾಯಿತು. ಸೋಸಲೆ ಪ್ರಾಥಮಿಕ ಸಹಕಾರ ಸಂಘದ ಅಧ್ಯಕ್ಷ ಎಂ.ಮಹದೇವಮೂರ್ತಿ ಮಾತನಾಡಿ, ಪಕ್ಷದ ಸಂಘಟನೆಗೆ ಶ್ರಮಿಸಿದ ಕಾರ್ಯಕರ್ತರನ್ನು ಗುರುತಿಸಿ ಸರ್ಕಾರ ಸೂಕ್ತ ಸ್ಥಾನಮಾನ ನೀಡುತ್ತಿರುವುದು ಸಂತಸದ ವಿಷಯ. ಗಣೇಶ್ ಅವರು ಭೂ ನ್ಯಾಯ ಮಂಡಳಿಯಲ್ಲಿ ರೈತರ ಪರವಾಗಿ ಕಾರ್ಯನಿರ್ವಹಿಸಿ ಜನರ ಸಮಸ್ಯೆಗಳಿಗೆ ಸ್ಪಂದಿಸಲಿ ಎಂದು ಹಾರೈಸಿದರು. ಸನ್ಮಾನ ಸ್ವೀಕರಿಸಿದ ಕಕ್ಕೂರು ಗಣೇಶ್ ಮಾತನಾಡಿ, ನನ್ನ ಮೇಲೆ ವಿಶ್ವಾಸವಿಟ್ಟು ಜವಾಬ್ದಾರಿ ನೀಡಿದ ಮುಖ್ಯಮಂತ್ರಿಗಳು, ಸಚಿವರು ಹಾಗೂ ಪಕ್ಷದ ಮುಖಂಡರಿಗೆ ಕೃತಜ್ಞತೆ ಸಲ್ಲಿಸುತ್ತೇನೆ ಎಂದರು. ಈ ಸಂದರ್ಭದಲ್ಲಿ ಮುಖಂಡರಾದ ಸಿದ್ದರಾಜು, ಮಹದೇವು, ಶಿವಕುಮಾರ್, ನಾಗರಾಜು, ರವಿ, ಮಂಜು, ಕುಮಾರ್ ಸೇರಿದಂತೆ ಹಲವರು ಹಾಜರಿದ್ದರು.
ಕೃಷ್ಣೇಗೌಡ ನಿಧನ
ಕೆ.ಆರ್.ನಗರ, ಆ.28-- ತಾಲೂಕಿನ ಕೆಂಪನಕೊಪ್ಪಲು ಗ್ರಾಮದ ಕೃಷ್ಣೇಗೌಡ (80) ವಯೋಸಹಜ ಕಾಯಿಲೆಯಿಂದ ನಿಧನರಾದರು. ಮೃತರು ಪತ್ನಿ, ಪುತ್ರರು, ಪುತ್ರಿಯರು ಸೇರಿದಂತೆ ಅಪಾರ ಬಂಧು ಬಳಗವನ್ನು ಅಗಲಿದ್ದಾರೆ. ಮೃತರ ಅಂತ್ಯಕ್ರಿಯೆ ಸ್ವಗ್ರಾಮದಲ್ಲಿ ನೆರವೇರಿತು. ಮೃತರ ನಿಧನಕ್ಕೆ ಗ್ರಾಮದ ಮುಖಂಡರು, ಸಹಕಾರ ಸಂಘದ ನಿರ್ದೇಶಕರು ಸಂತಾಪ ಸೂಚಿಸಿದ್ದಾರೆ.
